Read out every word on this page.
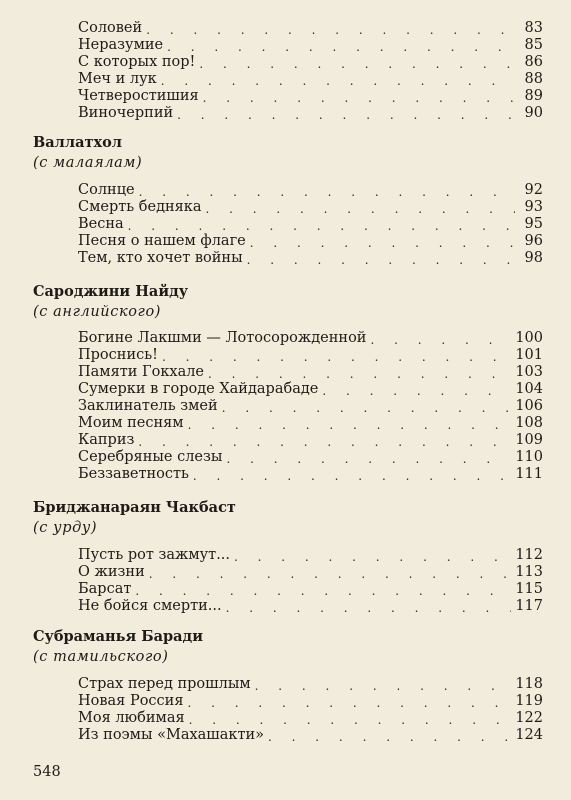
Соловей . . .	83
Неразумие . . .	85
С которых пор! . . .	86
Меч и лук . . .	88
Четверостишия . . .	89
Виночерпий . . .	90
Валлатхол
(с малаялам)
Солнце . . .	92
Смерть бедняка . . .	93
Весна . . .	95
Песня о нашем флаге . . .	96
Тем, кто хочет войны . . .	98
Сароджини Найду
(с английского)
Богине Лакшми — Лотосорожденной . . .	100
Проснись! . . .	101
Памяти Гокхале . . .	103
Сумерки в городе Хайдарабаде . . .	104
Заклинатель змей . . .	106
Моим песням . . .	108
Каприз . . .	109
Серебряные слезы . . .	110
Беззаветность . . .	111
Бриджанараян Чакбаст
(с урду)
Пусть рот зажмут... . . .	112
О жизни . . .	113
Барсат . . .	115
Не бойся смерти... . . .	117
Субраманья Баради
(с тамильского)
Страх перед прошлым . . .	118
Новая Россия . . .	119
Моя любимая . . .	122
Из поэмы «Махашакти» . . .	124
548
